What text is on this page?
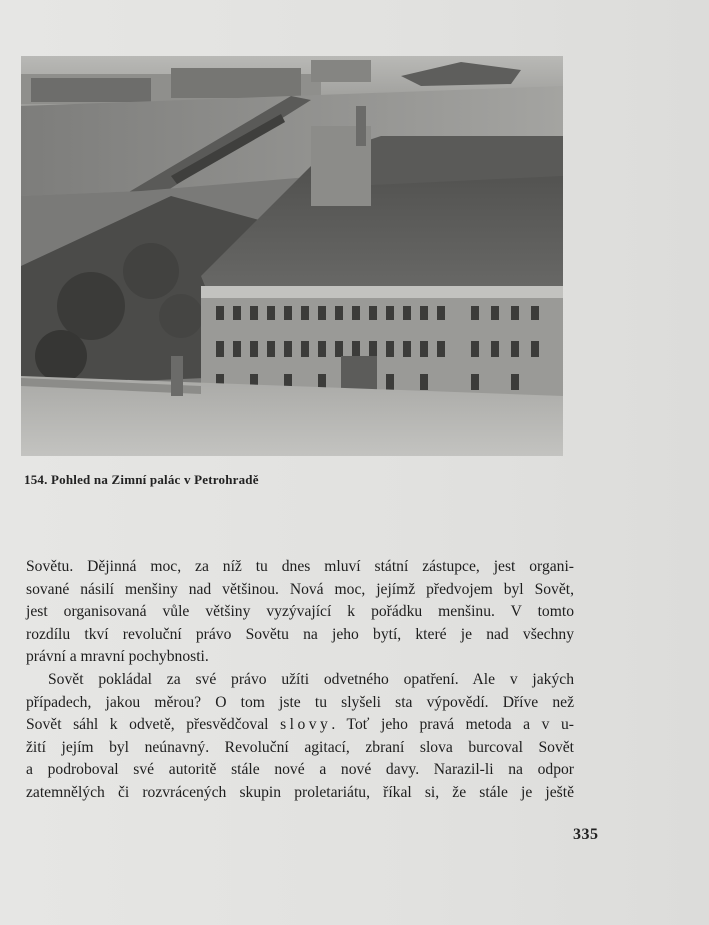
154. Pohled na Zimní palác v Petrohradě

Sovětu. Dějinná moc, za níž tu dnes mluví státní zástupce, jest organi-
sované násilí menšiny nad většinou. Nová moc, jejímž předvojem byl Sovět,
jest organisovaná vůle většiny vyzývající k pořádku menšinu. V tomto
rozdílu tkví revoluční právo Sovětu na jeho bytí, které je nad všechny
právní a mravní pochybnosti.

Sovět pokládal za své právo užíti odvetného opatření. Ale v jakých
případech, jakou měrou? O tom jste tu slyšeli sta výpovědí. Dříve než
Sovět sáhl k odvetě, přesvědčoval slovy. Toť jeho pravá metoda a v u-
žití jejím byl neúnavný. Revoluční agitací, zbraní slova burcoval Sovět
a podroboval své autoritě stále nové a nové davy. Narazil-li na odpor
zatemnělých či rozvrácených skupin proletariátu, říkal si, že stále je ještě

335
